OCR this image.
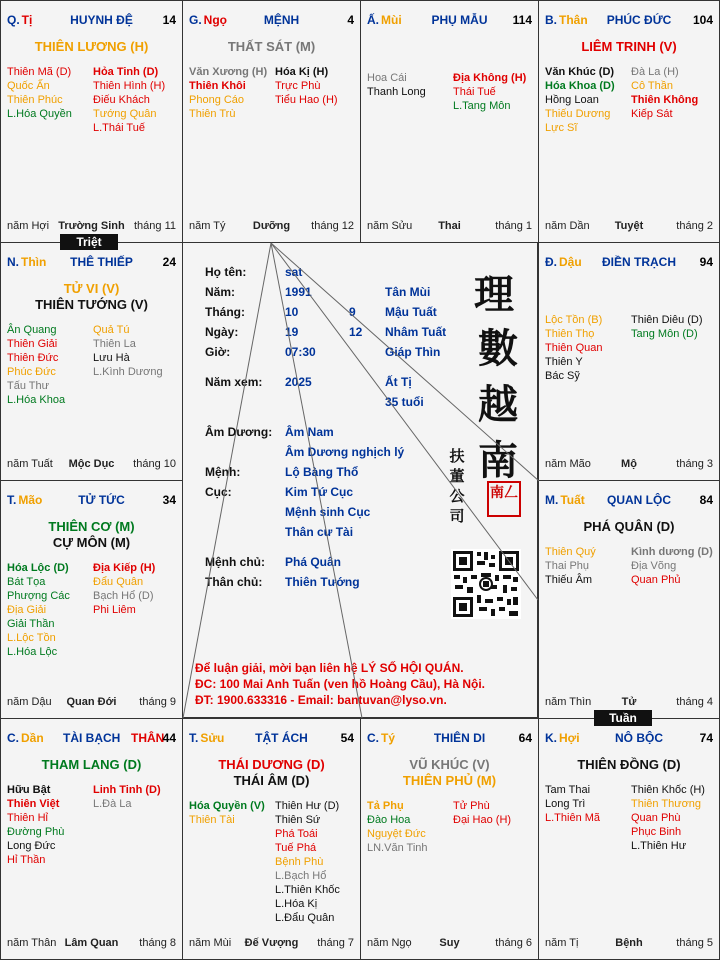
Q. Tị	HUYNH ĐỆ	14
THIÊN LƯƠNG (H)
Thiên Mã (D)
Quốc Ấn
Thiên Phúc
L.Hóa Quyền
Hỏa Tinh (D)
Thiên Hình (H)
Điếu Khách
Tướng Quân
L.Thái Tuế
năm Hợi Trường Sinh tháng 11
G. Ngọ	MỆNH	4
THẤT SÁT (M)
Văn Xương (H)
Thiên Khôi
Phong Cáo
Thiên Trù
Hóa Kị (H)
Trực Phù
Tiểu Hao (H)
năm Tý	Dưỡng	tháng 12
Ấ. Mùi	PHỤ MẪU	114
Hoa Cái
Thanh Long
Địa Không (H)
Thái Tuế
L.Tang Môn
năm Sửu	Thai	tháng 1
B. Thân	PHÚC ĐỨC	104
LIÊM TRINH (V)
Văn Khúc (D)
Hóa Khoa (D)
Hồng Loan
Thiếu Dương
Lực Sĩ
Đà La (H)
Cô Thần
Thiên Không
Kiếp Sát
năm Dần	Tuyệt	tháng 2
N. Thìn	THÊ THIẾP	24
TỬ VI (V)
THIÊN TƯỚNG (V)
Ân Quang
Thiên Giải
Thiên Đức
Phúc Đức
Tấu Thư
L.Hóa Khoa
Quả Tú
Thiên La
Lưu Hà
L.Kình Dương
năm Tuất	Mộc Dục	tháng 10
Đ. Dậu	ĐIỀN TRẠCH	94
Lộc Tồn (B)
Thiên Thọ
Thiên Quan
Thiên Y
Bác Sỹ
Thiên Diêu (D)
Tang Môn (D)
năm Mão	Mộ	tháng 3
T. Mão	TỬ TỨC	34
THIÊN CƠ (M)
CỰ MÔN (M)
Hóa Lộc (D)
Bát Tọa
Phượng Các
Địa Giải
Giải Thần
L.Lộc Tồn
L.Hóa Lộc
Địa Kiếp (H)
Đẩu Quân
Bạch Hổ (D)
Phi Liêm
năm Dậu	Quan Đới	tháng 9
M. Tuất	QUAN LỘC	84
PHÁ QUÂN (D)
Thiên Quý
Thai Phụ
Thiếu Âm
Kình dương (D)
Địa Võng
Quan Phủ
năm Thìn	Tử	tháng 4
C. Dần TÀI BẠCH THÂN
44
THAM LANG (D)
Hữu Bật
Thiên Việt
Thiên Hỉ
Đường Phù
Long Đức
Hỉ Thần
Linh Tinh (D)
L.Đà La
năm Thân Lâm Quan	tháng 8
T. Sửu	TẬT ÁCH	54
THÁI DƯƠNG (D)
THÁI ÂM (D)
Hóa Quyền (V)
Thiên Tài
Thiên Hư (D)
Thiên Sứ
Phá Toái
Tuế Phá
Bệnh Phù
L.Bạch Hổ
L.Thiên Khốc
L.Hóa Kị
L.Đẩu Quân
năm Mùi	Đế Vượng	tháng 7
C. Tý	THIÊN DI	64
VŨ KHÚC (V)
THIÊN PHỦ (M)
Tả Phụ
Đào Hoa
Nguyệt Đức
LN.Văn Tinh
Tử Phù
Đại Hao (H)
năm Ngọ	Suy	tháng 6
K. Hợi	NÔ BỘC	74
THIÊN ĐỒNG (D)
Tam Thai
Long Trì
L.Thiên Mã
Thiên Khốc (H)
Thiên Thương
Quan Phù
Phục Binh
L.Thiên Hư
năm Tị	Bệnh	tháng 5
Họ tên:	sat
Năm:	1991	Tân Mùi
Tháng:	10	9 Mậu Tuất
Ngày:	19	12 Nhâm Tuất
Giờ:	07:30	Giáp Thìn
Năm xem: 2025	Ất Tị
35 tuổi
Âm Dương: Âm Nam
Âm Dương nghịch lý
Mệnh:	Lộ Bàng Thổ
Cục:	Kim Tứ Cục
Mệnh sinh Cục
Thân cư Tài
Mệnh chủ: Phá Quân
Thân chủ: Thiên Tướng
理
數
越
南
扶
董
公
司
南𠃋
Để luận giải, mời bạn liên hệ LÝ SỐ HỘI QUÁN.
ĐC: 100 Mai Anh Tuấn (ven hồ Hoàng Cầu), Hà Nội.
ĐT: 1900.633316 - Email: bantuvan@lyso.vn.
Triệt
Tuần
